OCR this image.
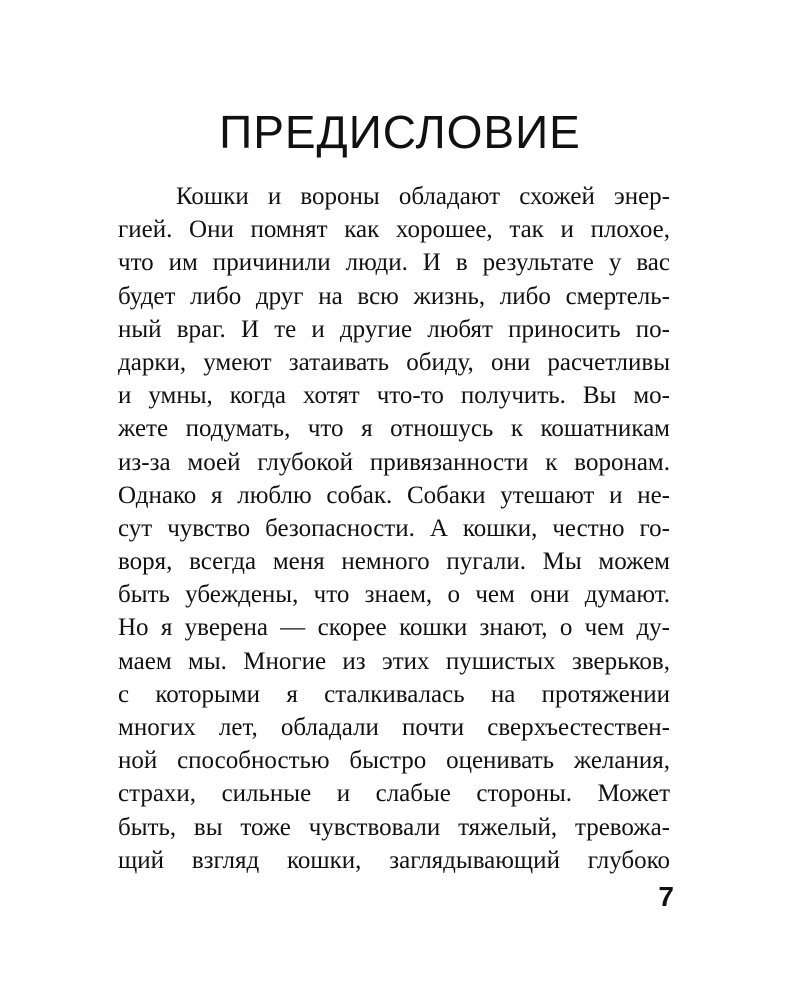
ПРЕДИСЛОВИЕ
Кошки и вороны обладают схожей энер-
гией. Они помнят как хорошее, так и плохое,
что им причинили люди. И в результате у вас
будет либо друг на всю жизнь, либо смертель-
ный враг. И те и другие любят приносить по-
дарки, умеют затаивать обиду, они расчетливы
и умны, когда хотят что-то получить. Вы мо-
жете подумать, что я отношусь к кошатникам
из-за моей глубокой привязанности к воронам.
Однако я люблю собак. Собаки утешают и не-
сут чувство безопасности. А кошки, честно го-
воря, всегда меня немного пугали. Мы можем
быть убеждены, что знаем, о чем они думают.
Но я уверена — скорее кошки знают, о чем ду-
маем мы. Многие из этих пушистых зверьков,
с которыми я сталкивалась на протяжении
многих лет, обладали почти сверхъестествен-
ной способностью быстро оценивать желания,
страхи, сильные и слабые стороны. Может
быть, вы тоже чувствовали тяжелый, тревожа-
щий взгляд кошки, заглядывающий глубоко
7
